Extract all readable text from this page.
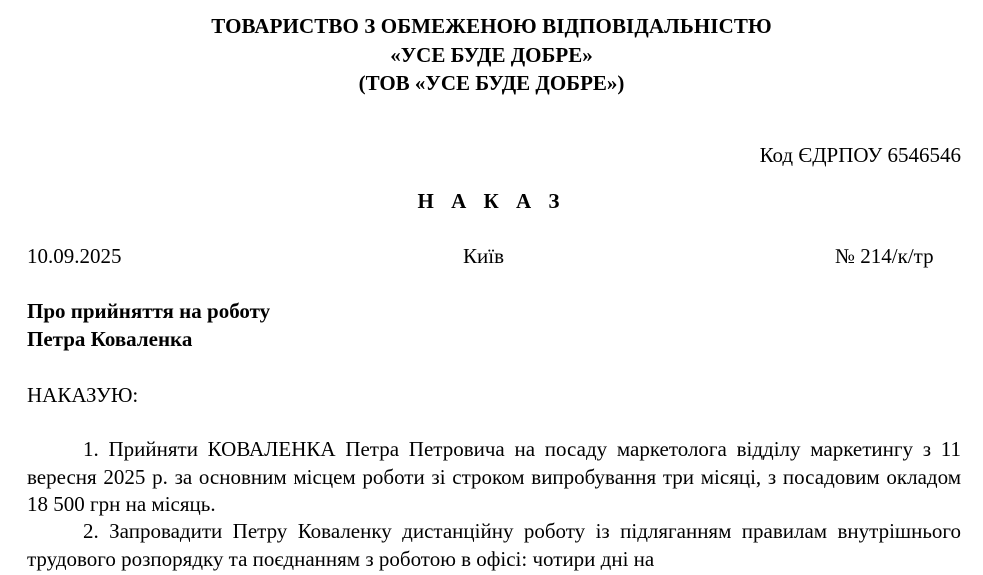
ТОВАРИСТВО З ОБМЕЖЕНОЮ ВІДПОВІДАЛЬНІСТЮ
«УСЕ БУДЕ ДОБРЕ»
(ТОВ «УСЕ БУДЕ ДОБРЕ»)
Код ЄДРПОУ 6546546
Н А К А З
10.09.2025	Київ	№ 214/к/тр
Про прийняття на роботу
Петра Коваленка
НАКАЗУЮ:
1. Прийняти КОВАЛЕНКА Петра Петровича на посаду маркетолога відділу маркетингу з 11 вересня 2025 р. за основним місцем роботи зі строком випробування три місяці, з посадовим окладом 18 500 грн на місяць.
2. Запровадити Петру Коваленку дистанційну роботу із підляганням правилам внутрішнього трудового розпорядку та поєднанням з роботою в офісі: чотири дні на
